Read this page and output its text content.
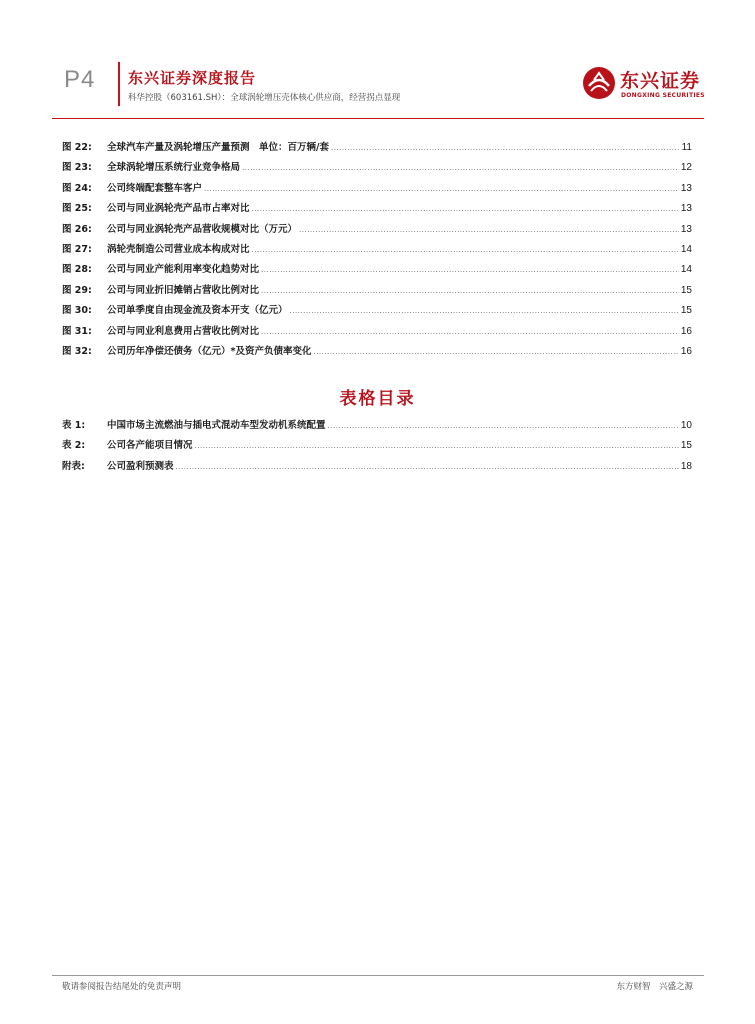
P4 东兴证券深度报告
科华控股（603161.SH）：全球涡轮增压壳体核心供应商，经营拐点显现
东兴证券
DONGXING SECURITIES
图 22: 全球汽车产量及涡轮增压产量预测　单位：百万辆/套 .....	11
图 23: 全球涡轮增压系统行业竞争格局 .....	12
图 24: 公司终端配套整车客户 .....	13
图 25: 公司与同业涡轮壳产品市占率对比 .....	13
图 26: 公司与同业涡轮壳产品营收规模对比（万元） .....	13
图 27: 涡轮壳制造公司营业成本构成对比 .....	14
图 28: 公司与同业产能利用率变化趋势对比 .....	14
图 29: 公司与同业折旧摊销占营收比例对比 .....	15
图 30: 公司单季度自由现金流及资本开支（亿元） .....	15
图 31: 公司与同业利息费用占营收比例对比 .....	16
图 32: 公司历年净偿还债务（亿元）*及资产负债率变化 .....	16
表格目录
表 1: 中国市场主流燃油与插电式混动车型发动机系统配置 .....	10
表 2: 公司各产能项目情况 .....	15
附表: 公司盈利预测表 .....	18
敬请参阅报告结尾处的免责声明	东方财智　兴盛之源
